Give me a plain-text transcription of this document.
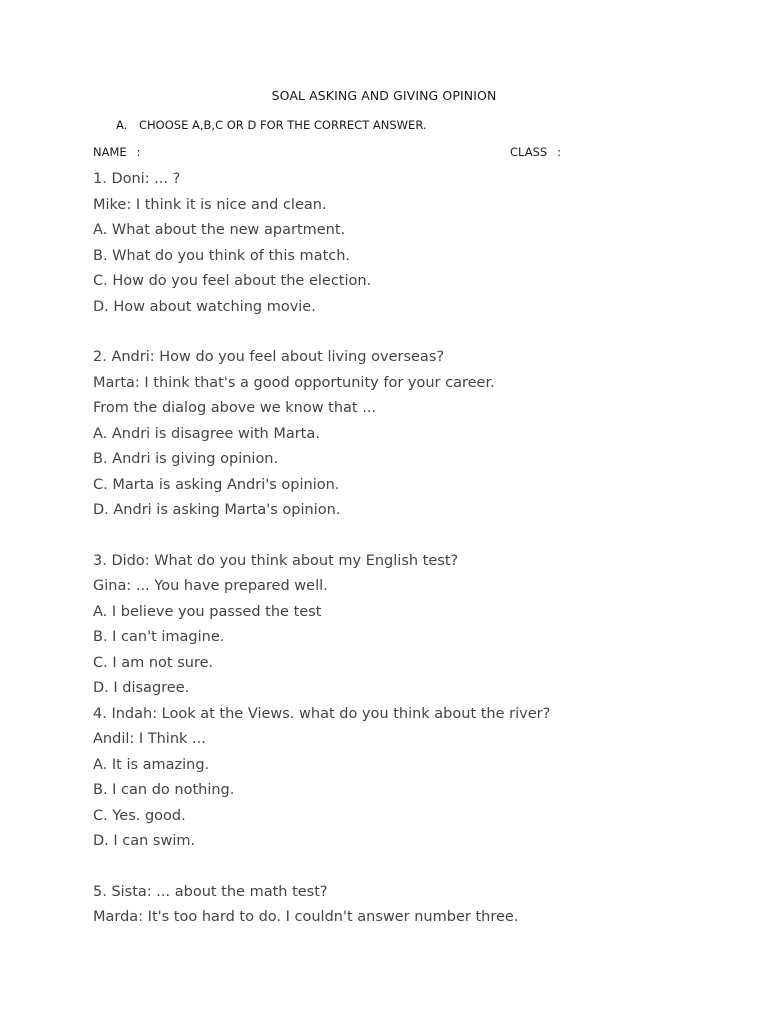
SOAL ASKING AND GIVING OPINION
A. CHOOSE A,B,C OR D FOR THE CORRECT ANSWER.
NAME :	CLASS :
1. Doni: ... ?
Mike: I think it is nice and clean.
A. What about the new apartment.
B. What do you think of this match.
C. How do you feel about the election.
D. How about watching movie.
2. Andri: How do you feel about living overseas?
Marta: I think that's a good opportunity for your career.
From the dialog above we know that ...
A. Andri is disagree with Marta.
B. Andri is giving opinion.
C. Marta is asking Andri's opinion.
D. Andri is asking Marta's opinion.
3. Dido: What do you think about my English test?
Gina: ... You have prepared well.
A. I believe you passed the test
B. I can't imagine.
C. I am not sure.
D. I disagree.
4. Indah: Look at the Views. what do you think about the river?
Andil: I Think ...
A. It is amazing.
B. I can do nothing.
C. Yes. good.
D. I can swim.
5. Sista: ... about the math test?
Marda: It's too hard to do. I couldn't answer number three.
